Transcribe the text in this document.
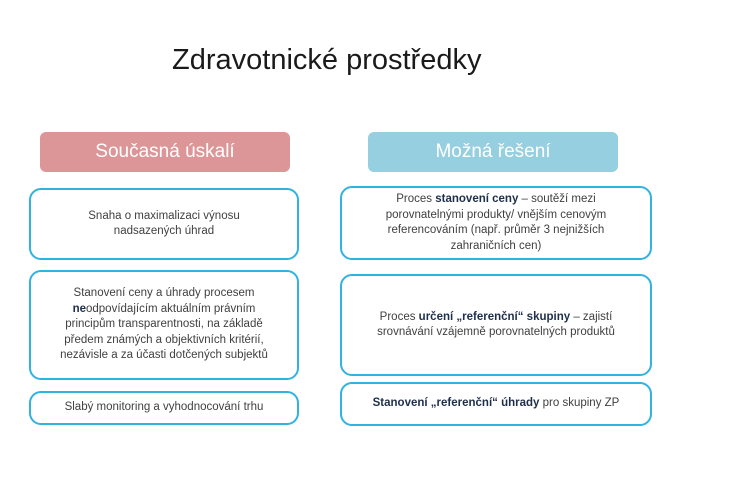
Zdravotnické prostředky
Současná úskalí	Možná řešení
Snaha o maximalizaci výnosu
nadsazených úhrad
Stanovení ceny a úhrady procesem
neodpovídajícím aktuálním právním
principům transparentnosti, na základě
předem známých a objektivních kritérií,
nezávisle a za účasti dotčených subjektů
Slabý monitoring a vyhodnocování trhu
Proces stanovení ceny – soutěží mezi
porovnatelnými produkty/ vnějším cenovým
referencováním (např. průměr 3 nejnižších
zahraničních cen)
Proces určení „referenční“ skupiny – zajistí
srovnávání vzájemně porovnatelných produktů
Stanovení „referenční“ úhrady pro skupiny ZP
